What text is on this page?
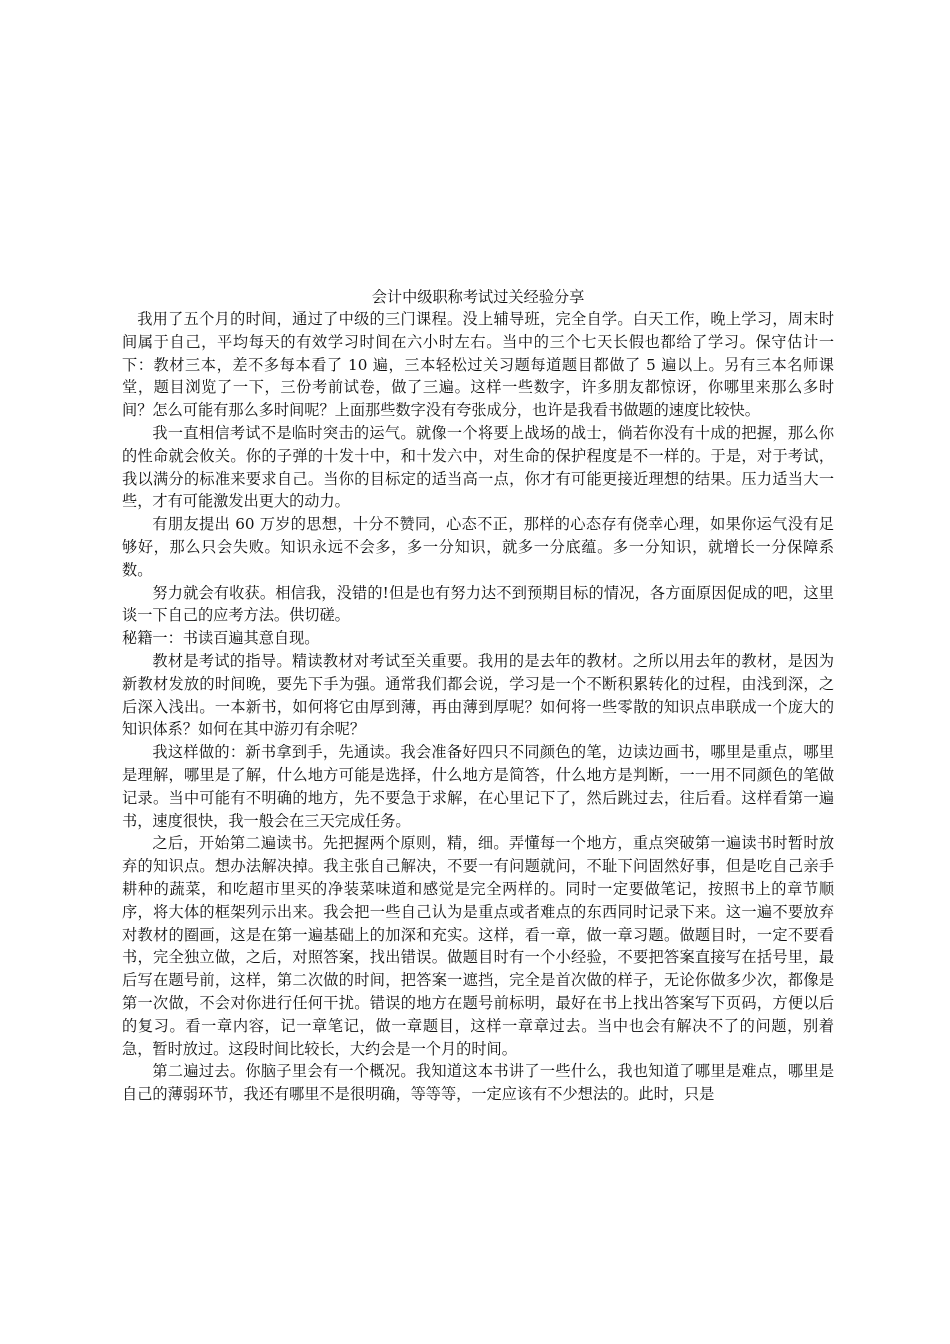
会计中级职称考试过关经验分享

我用了五个月的时间，通过了中级的三门课程。没上辅导班，完全自学。白天工作，晚上学习，周末时间属于自己，平均每天的有效学习时间在六小时左右。当中的三个七天长假也都给了学习。保守估计一下：教材三本，差不多每本看了 10 遍，三本轻松过关习题每道题目都做了 5 遍以上。另有三本名师课堂，题目浏览了一下，三份考前试卷，做了三遍。这样一些数字，许多朋友都惊讶，你哪里来那么多时间？怎么可能有那么多时间呢？上面那些数字没有夸张成分，也许是我看书做题的速度比较快。

我一直相信考试不是临时突击的运气。就像一个将要上战场的战士，倘若你没有十成的把握，那么你的性命就会攸关。你的子弹的十发十中，和十发六中，对生命的保护程度是不一样的。于是，对于考试，我以满分的标准来要求自己。当你的目标定的适当高一点，你才有可能更接近理想的结果。压力适当大一些，才有可能激发出更大的动力。

有朋友提出 60 万岁的思想，十分不赞同，心态不正，那样的心态存有侥幸心理，如果你运气没有足够好，那么只会失败。知识永远不会多，多一分知识，就多一分底蕴。多一分知识，就增长一分保障系数。

努力就会有收获。相信我，没错的!但是也有努力达不到预期目标的情况，各方面原因促成的吧，这里谈一下自己的应考方法。供切磋。

秘籍一：书读百遍其意自现。

教材是考试的指导。精读教材对考试至关重要。我用的是去年的教材。之所以用去年的教材，是因为新教材发放的时间晚，要先下手为强。通常我们都会说，学习是一个不断积累转化的过程，由浅到深，之后深入浅出。一本新书，如何将它由厚到薄，再由薄到厚呢？如何将一些零散的知识点串联成一个庞大的知识体系？如何在其中游刃有余呢？

我这样做的：新书拿到手，先通读。我会准备好四只不同颜色的笔，边读边画书，哪里是重点，哪里是理解，哪里是了解，什么地方可能是选择，什么地方是简答，什么地方是判断，一一用不同颜色的笔做记录。当中可能有不明确的地方，先不要急于求解，在心里记下了，然后跳过去，往后看。这样看第一遍书，速度很快，我一般会在三天完成任务。

之后，开始第二遍读书。先把握两个原则，精，细。弄懂每一个地方，重点突破第一遍读书时暂时放弃的知识点。想办法解决掉。我主张自己解决，不要一有问题就问，不耻下问固然好事，但是吃自己亲手耕种的蔬菜，和吃超市里买的净装菜味道和感觉是完全两样的。同时一定要做笔记，按照书上的章节顺序，将大体的框架列示出来。我会把一些自己认为是重点或者难点的东西同时记录下来。这一遍不要放弃对教材的圈画，这是在第一遍基础上的加深和充实。这样，看一章，做一章习题。做题目时，一定不要看书，完全独立做，之后，对照答案，找出错误。做题目时有一个小经验，不要把答案直接写在括号里，最后写在题号前，这样，第二次做的时间，把答案一遮挡，完全是首次做的样子，无论你做多少次，都像是第一次做，不会对你进行任何干扰。错误的地方在题号前标明，最好在书上找出答案写下页码，方便以后的复习。看一章内容，记一章笔记，做一章题目，这样一章章过去。当中也会有解决不了的问题，别着急，暂时放过。这段时间比较长，大约会是一个月的时间。

第二遍过去。你脑子里会有一个概况。我知道这本书讲了一些什么，我也知道了哪里是难点，哪里是自己的薄弱环节，我还有哪里不是很明确，等等等，一定应该有不少想法的。此时，只是
